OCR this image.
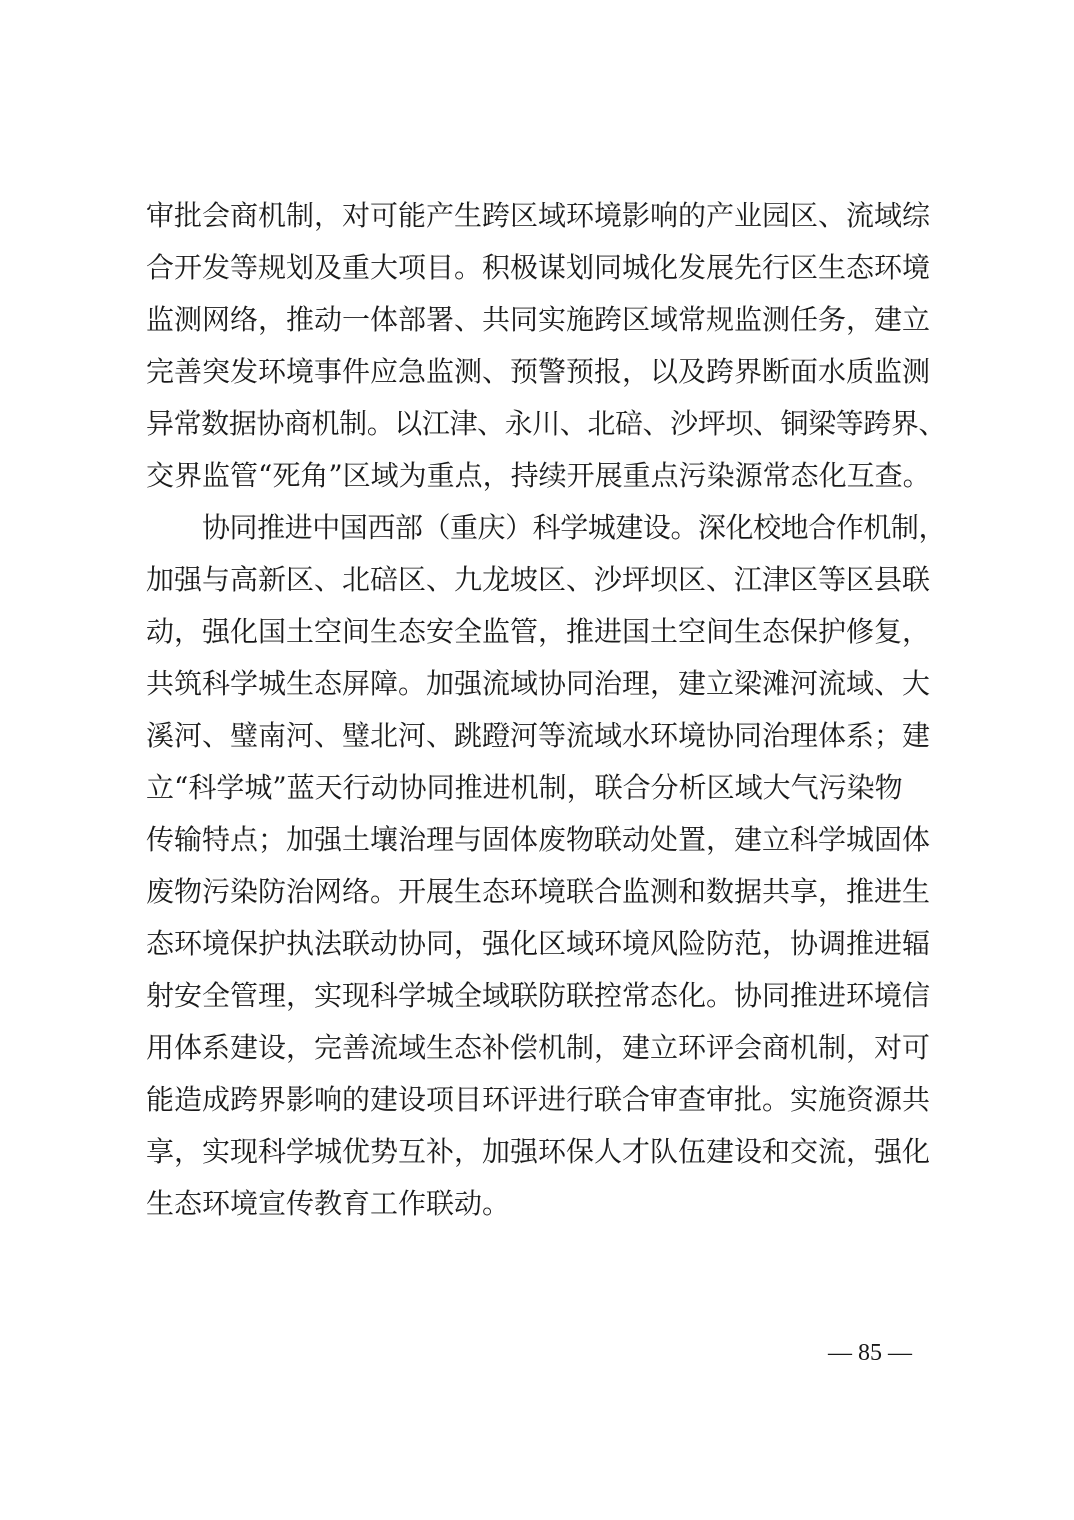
审批会商机制，对可能产生跨区域环境影响的产业园区、流域综
合开发等规划及重大项目。积极谋划同城化发展先行区生态环境
监测网络，推动一体部署、共同实施跨区域常规监测任务，建立
完善突发环境事件应急监测、预警预报，以及跨界断面水质监测
异常数据协商机制。以江津、永川、北碚、沙坪坝、铜梁等跨界、
交界监管“死角”区域为重点，持续开展重点污染源常态化互查。
协同推进中国西部（重庆）科学城建设。深化校地合作机制，
加强与高新区、北碚区、九龙坡区、沙坪坝区、江津区等区县联
动，强化国土空间生态安全监管，推进国土空间生态保护修复，
共筑科学城生态屏障。加强流域协同治理，建立梁滩河流域、大
溪河、璧南河、璧北河、跳蹬河等流域水环境协同治理体系；建
立“科学城”蓝天行动协同推进机制，联合分析区域大气污染物
传输特点；加强土壤治理与固体废物联动处置，建立科学城固体
废物污染防治网络。开展生态环境联合监测和数据共享，推进生
态环境保护执法联动协同，强化区域环境风险防范，协调推进辐
射安全管理，实现科学城全域联防联控常态化。协同推进环境信
用体系建设，完善流域生态补偿机制，建立环评会商机制，对可
能造成跨界影响的建设项目环评进行联合审查审批。实施资源共
享，实现科学城优势互补，加强环保人才队伍建设和交流，强化
生态环境宣传教育工作联动。
— 85 —
